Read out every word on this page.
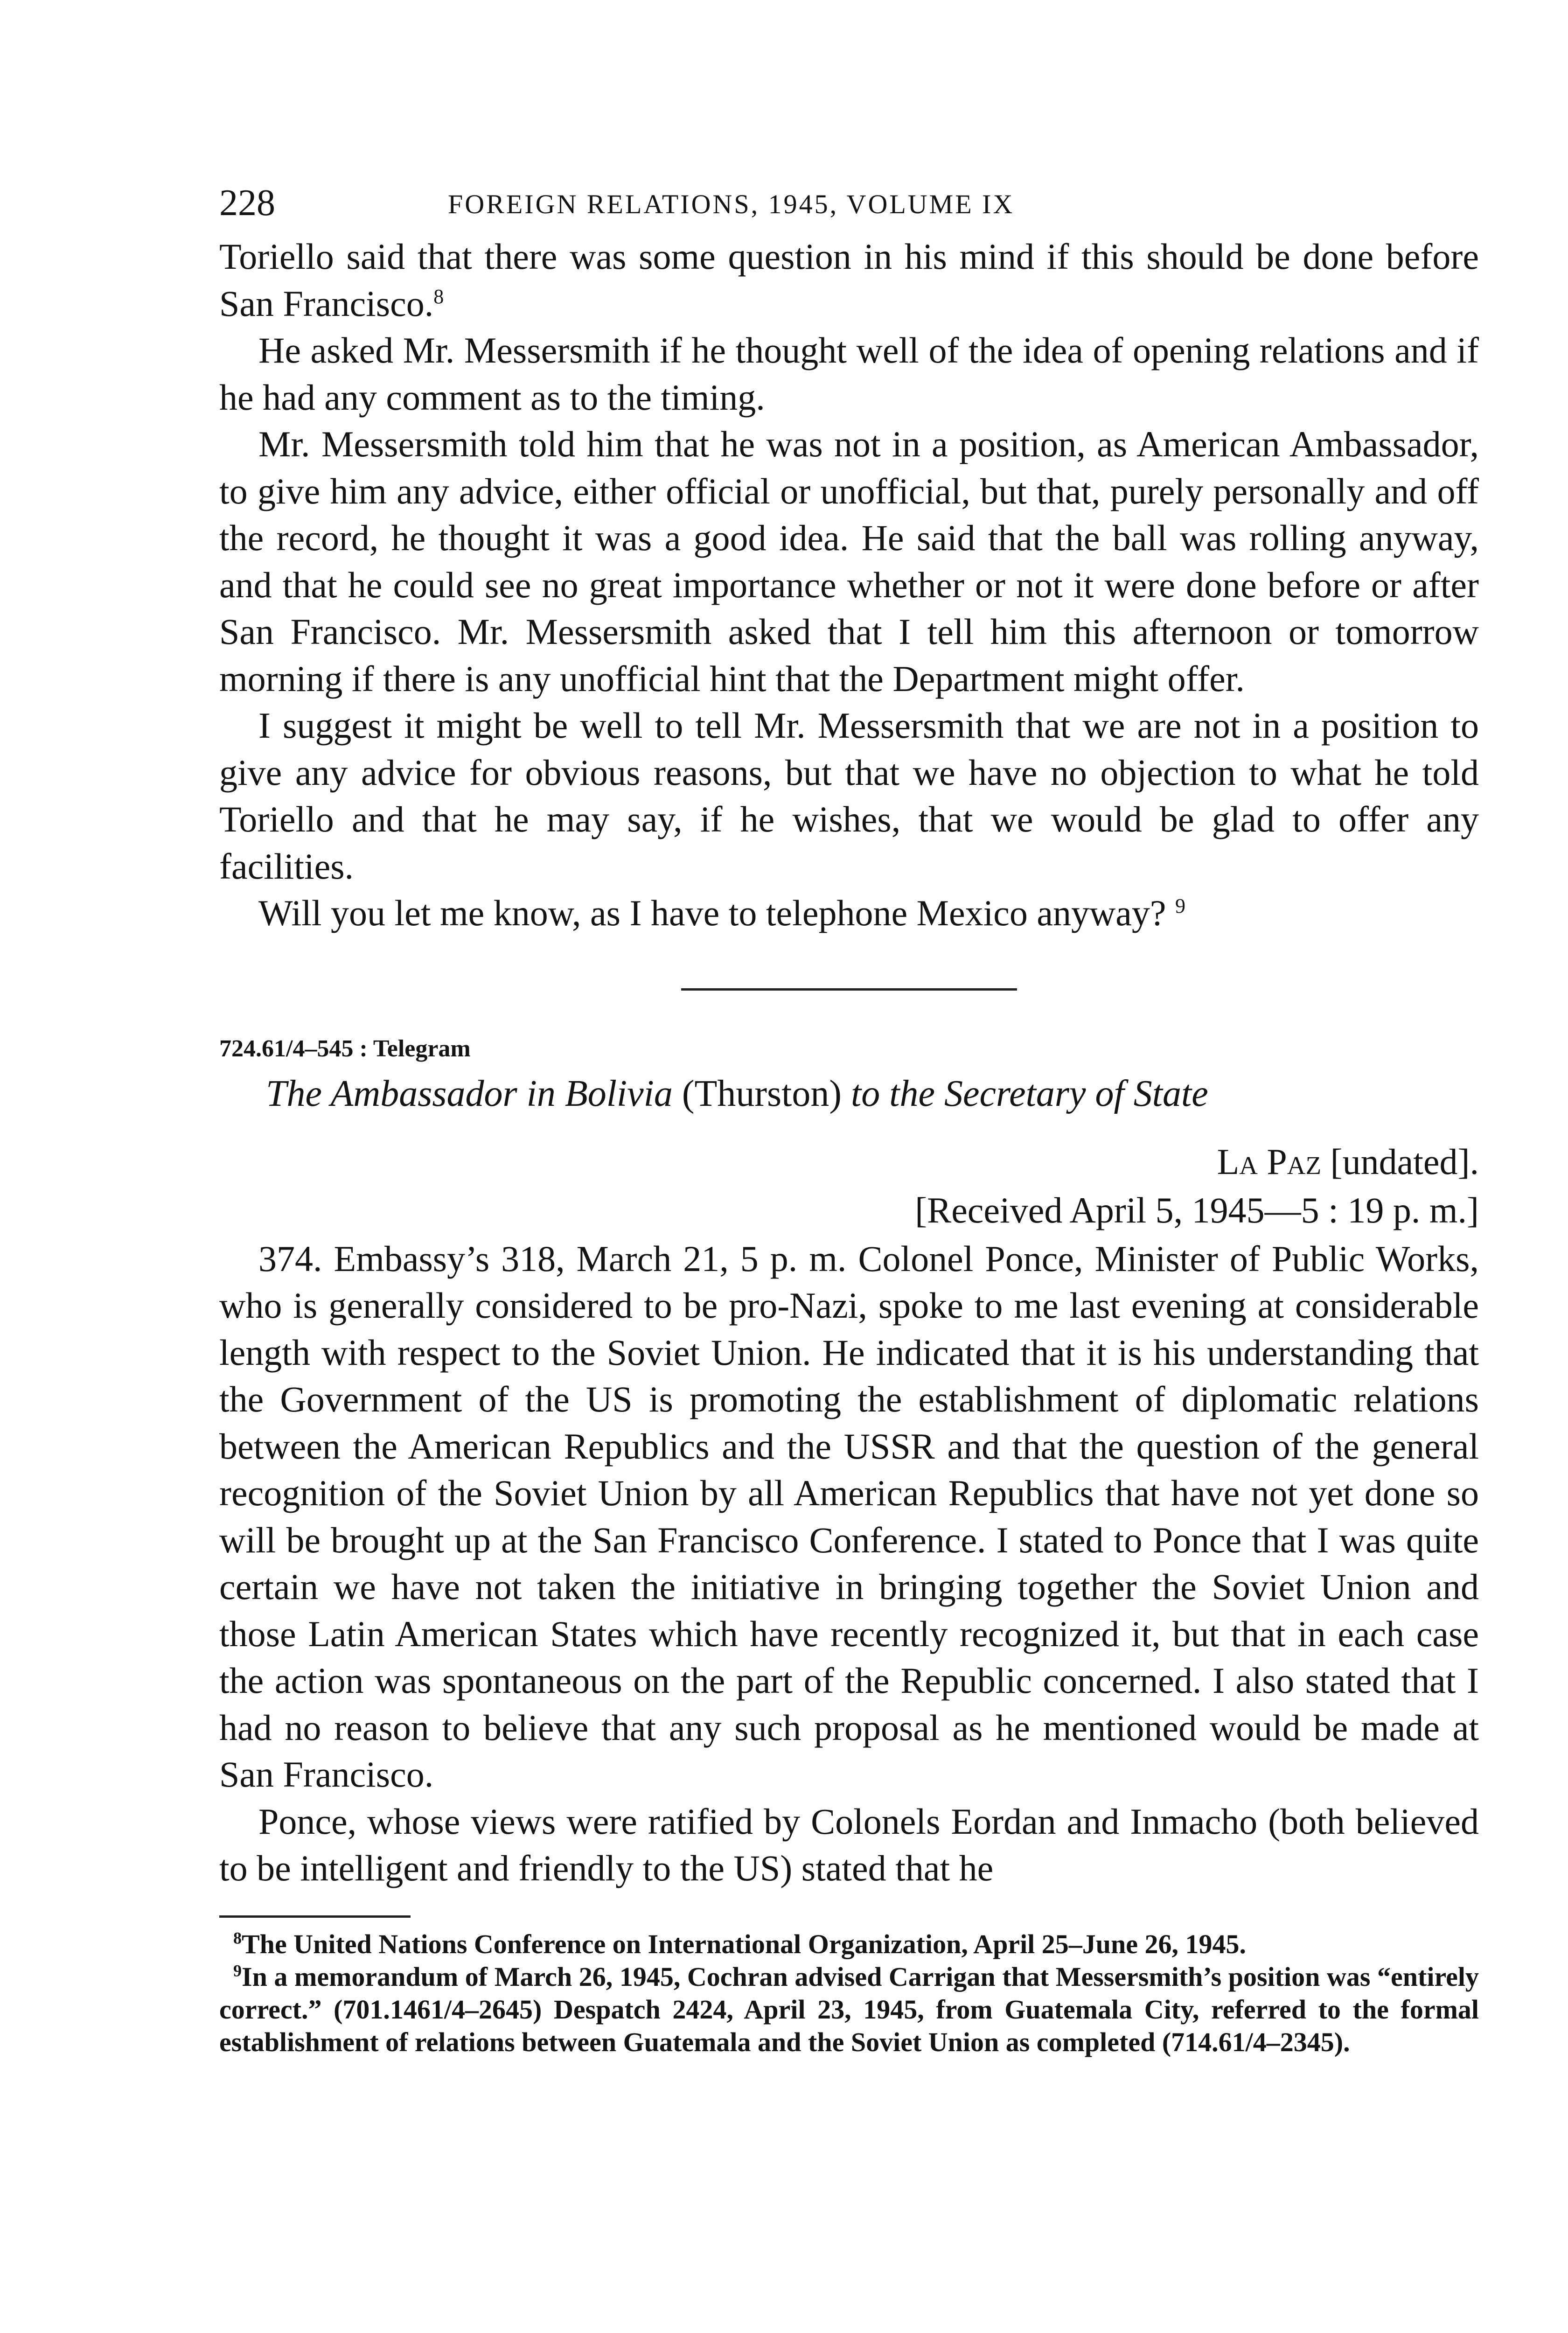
228	FOREIGN RELATIONS, 1945, VOLUME IX

Toriello said that there was some question in his mind if this should be done before San Francisco.$^8$

He asked Mr. Messersmith if he thought well of the idea of opening relations and if he had any comment as to the timing.

Mr. Messersmith told him that he was not in a position, as American Ambassador, to give him any advice, either official or unofficial, but that, purely personally and off the record, he thought it was a good idea. He said that the ball was rolling anyway, and that he could see no great importance whether or not it were done before or after San Francisco. Mr. Messersmith asked that I tell him this afternoon or tomorrow morning if there is any unofficial hint that the Department might offer.

I suggest it might be well to tell Mr. Messersmith that we are not in a position to give any advice for obvious reasons, but that we have no objection to what he told Toriello and that he may say, if he wishes, that we would be glad to offer any facilities.

Will you let me know, as I have to telephone Mexico anyway? $^9$

724.61/4–545 : Telegram
The Ambassador in Bolivia (Thurston) to the Secretary of State
La Paz [undated].
[Received April 5, 1945—5 : 19 p. m.]

374. Embassy’s 318, March 21, 5 p. m. Colonel Ponce, Minister of Public Works, who is generally considered to be pro-Nazi, spoke to me last evening at considerable length with respect to the Soviet Union. He indicated that it is his understanding that the Government of the US is promoting the establishment of diplomatic relations between the American Republics and the USSR and that the question of the general recognition of the Soviet Union by all American Republics that have not yet done so will be brought up at the San Francisco Conference. I stated to Ponce that I was quite certain we have not taken the initiative in bringing together the Soviet Union and those Latin American States which have recently recognized it, but that in each case the action was spontaneous on the part of the Republic concerned. I also stated that I had no reason to believe that any such proposal as he mentioned would be made at San Francisco.

Ponce, whose views were ratified by Colonels Eordan and Inmacho (both believed to be intelligent and friendly to the US) stated that he

$^8$The United Nations Conference on International Organization, April 25–June 26, 1945.

$^9$In a memorandum of March 26, 1945, Cochran advised Carrigan that Messersmith’s position was “entirely correct.” (701.1461/4–2645) Despatch 2424, April 23, 1945, from Guatemala City, referred to the formal establishment of relations between Guatemala and the Soviet Union as completed (714.61/4–2345).
